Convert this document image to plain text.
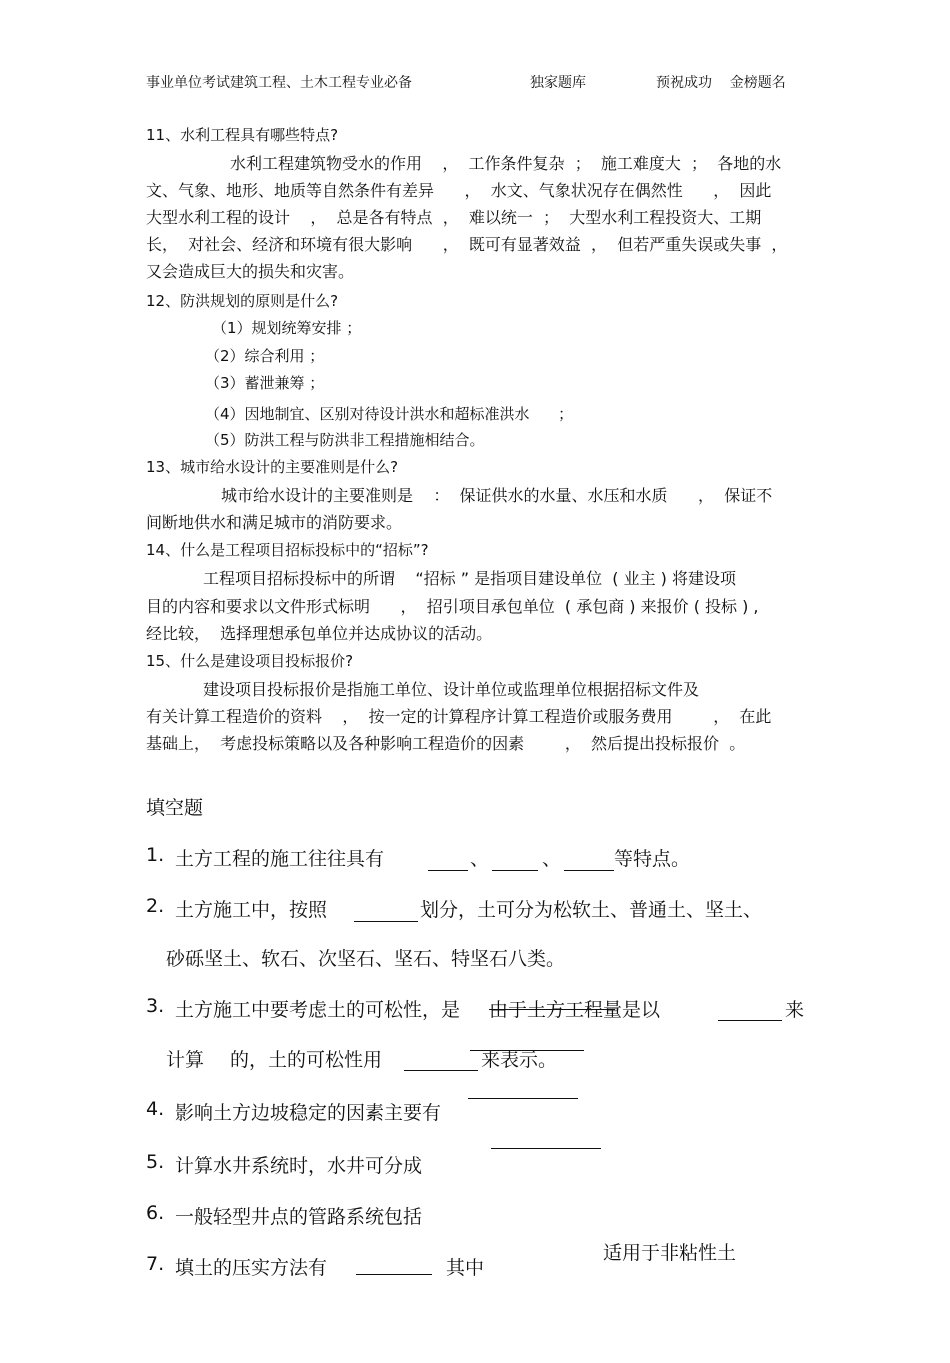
事业单位考试建筑工程、土木工程专业必备	独家题库	预祝成功    金榜题名
11、水利工程具有哪些特点?
水利工程建筑物受水的作用    ，  工作条件复杂  ；  施工难度大  ；  各地的水
文、气象、地形、地质等自然条件有差异      ，  水文、气象状况存在偶然性      ，  因此
大型水利工程的设计    ，  总是各有特点  ，  难以统一  ；  大型水利工程投资大、工期
长，  对社会、经济和环境有很大影响      ，  既可有显著效益  ，  但若严重失误或失事  ，
又会造成巨大的损失和灾害。
12、防洪规划的原则是什么?
（1）规划统筹安排 ；
（2）综合利用 ；
（3）蓄泄兼筹 ；
（4）因地制宜、区别对待设计洪水和超标准洪水      ；
（5）防洪工程与防洪非工程措施相结合。
13、城市给水设计的主要准则是什么?
城市给水设计的主要准则是    ：  保证供水的水量、水压和水质      ，  保证不
间断地供水和满足城市的消防要求。
14、什么是工程项目招标投标中的“招标”?
工程项目招标投标中的所谓    “招标 ” 是指项目建设单位  ( 业主 ) 将建设项
目的内容和要求以文件形式标明      ，  招引项目承包单位  ( 承包商 ) 来报价 ( 投标 ) ,
经比较，  选择理想承包单位并达成协议的活动。
15、什么是建设项目投标报价?
建设项目投标报价是指施工单位、设计单位或监理单位根据招标文件及
有关计算工程造价的资料    ，  按一定的计算程序计算工程造价或服务费用        ，  在此
基础上，  考虑投标策略以及各种影响工程造价的因素        ，  然后提出投标报价  。
填空题
1. 土方工程的施工往往具有	、	、	等特点。
2. 土方施工中，按照	划分，土可分为松软土、普通土、坚土、
砂砾坚土、软石、次坚石、坚石、特坚石八类。
3. 土方施工中要考虑土的可松性，是 由于土方工程量是以	来
计算 的，土的可松性用	来表示。
4. 影响土方边坡稳定的因素主要有
5. 计算水井系统时，水井可分成
6. 一般轻型井点的管路系统包括
7. 填土的压实方法有	其中
适用于非粘性土
